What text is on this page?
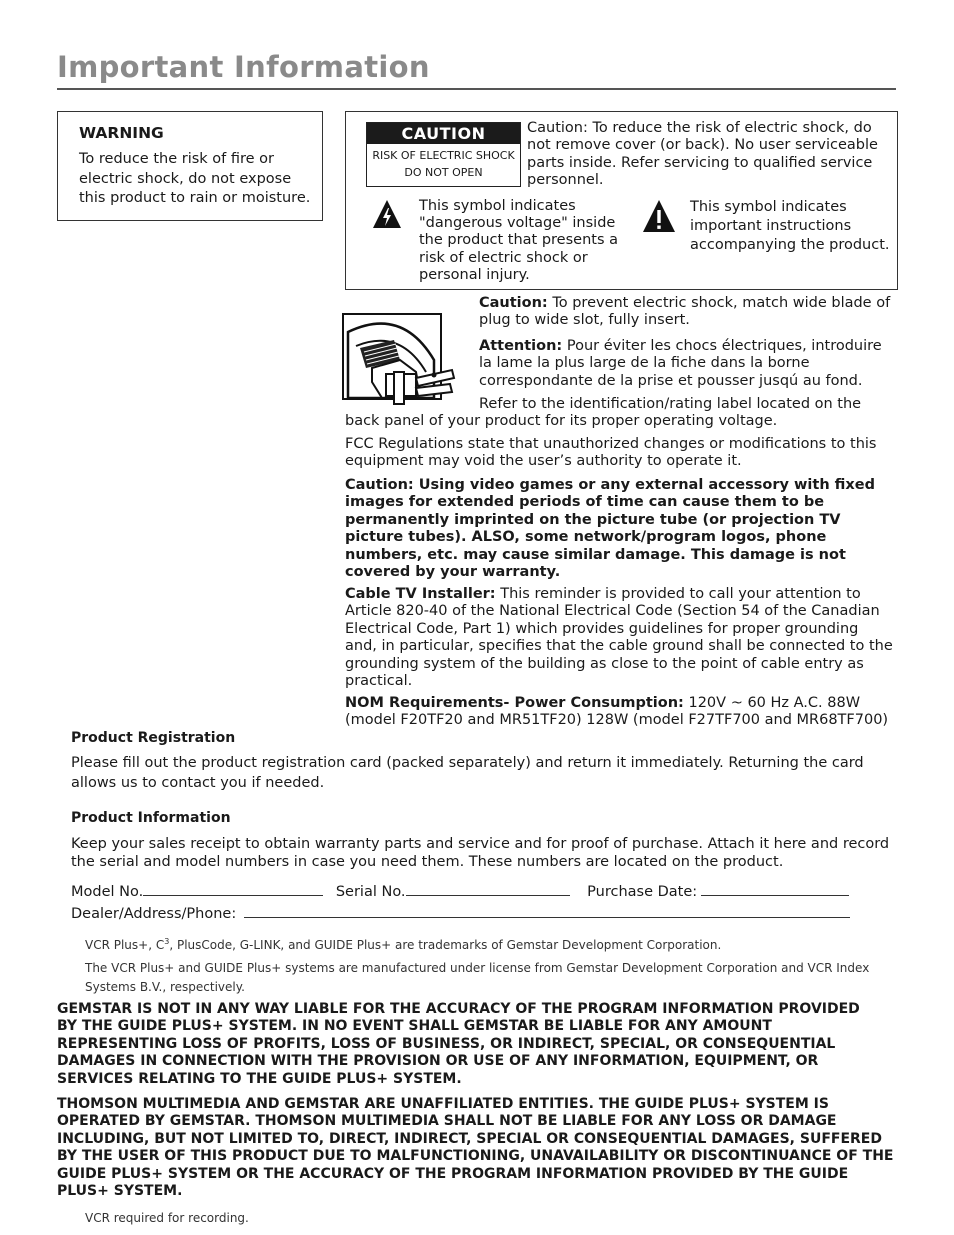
Important Information
WARNING
To reduce the risk of fire or
electric shock, do not expose
this product to rain or moisture.
CAUTION
RISK OF ELECTRIC SHOCK
DO NOT OPEN
Caution: To reduce the risk of electric shock, do
not remove cover (or back). No user serviceable
parts inside. Refer servicing to qualified service
personnel.
This symbol indicates
"dangerous voltage" inside
the product that presents a
risk of electric shock or
personal injury.
This symbol indicates
important instructions
accompanying the product.
Caution: To prevent electric shock, match wide blade of
plug to wide slot, fully insert.
Attention: Pour éviter les chocs électriques, introduire
la lame la plus large de la fiche dans la borne
correspondante de la prise et pousser jusqú au fond.
Refer to the identification/rating label located on the
back panel of your product for its proper operating voltage.
FCC Regulations state that unauthorized changes or modifications to this
equipment may void the user’s authority to operate it.
Caution: Using video games or any external accessory with fixed
images for extended periods of time can cause them to be
permanently imprinted on the picture tube (or projection TV
picture tubes). ALSO, some network/program logos, phone
numbers, etc. may cause similar damage. This damage is not
covered by your warranty.
Cable TV Installer: This reminder is provided to call your attention to
Article 820-40 of the National Electrical Code (Section 54 of the Canadian
Electrical Code, Part 1) which provides guidelines for proper grounding
and, in particular, specifies that the cable ground shall be connected to the
grounding system of the building as close to the point of cable entry as
practical.
NOM Requirements- Power Consumption: 120V ~ 60 Hz A.C. 88W
(model F20TF20 and MR51TF20) 128W (model F27TF700 and MR68TF700)
Product Registration
Please fill out the product registration card (packed separately) and return it immediately. Returning the card
allows us to contact you if needed.
Product Information
Keep your sales receipt to obtain warranty parts and service and for proof of purchase. Attach it here and record
the serial and model numbers in case you need them. These numbers are located on the product.
Model No.	Serial No.	Purchase Date:
Dealer/Address/Phone:
VCR Plus+, $C^3$, PlusCode, G-LINK, and GUIDE Plus+ are trademarks of Gemstar Development Corporation.
The VCR Plus+ and GUIDE Plus+ systems are manufactured under license from Gemstar Development Corporation and VCR Index
Systems B.V., respectively.
GEMSTAR IS NOT IN ANY WAY LIABLE FOR THE ACCURACY OF THE PROGRAM INFORMATION PROVIDED
BY THE GUIDE PLUS+ SYSTEM. IN NO EVENT SHALL GEMSTAR BE LIABLE FOR ANY AMOUNT
REPRESENTING LOSS OF PROFITS, LOSS OF BUSINESS, OR INDIRECT, SPECIAL, OR CONSEQUENTIAL
DAMAGES IN CONNECTION WITH THE PROVISION OR USE OF ANY INFORMATION, EQUIPMENT, OR
SERVICES RELATING TO THE GUIDE PLUS+ SYSTEM.
THOMSON MULTIMEDIA AND GEMSTAR ARE UNAFFILIATED ENTITIES. THE GUIDE PLUS+ SYSTEM IS
OPERATED BY GEMSTAR. THOMSON MULTIMEDIA SHALL NOT BE LIABLE FOR ANY LOSS OR DAMAGE
INCLUDING, BUT NOT LIMITED TO, DIRECT, INDIRECT, SPECIAL OR CONSEQUENTIAL DAMAGES, SUFFERED
BY THE USER OF THIS PRODUCT DUE TO MALFUNCTIONING, UNAVAILABILITY OR DISCONTINUANCE OF THE
GUIDE PLUS+ SYSTEM OR THE ACCURACY OF THE PROGRAM INFORMATION PROVIDED BY THE GUIDE
PLUS+ SYSTEM.
VCR required for recording.
